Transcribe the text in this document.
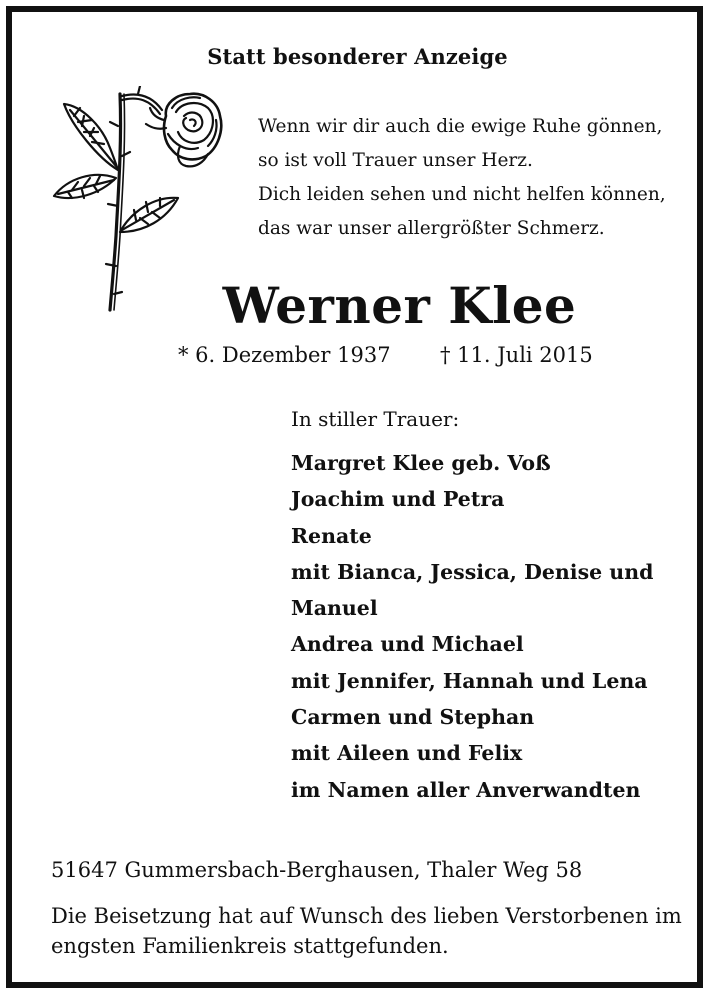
Statt besonderer Anzeige
Wenn wir dir auch die ewige Ruhe gönnen,
so ist voll Trauer unser Herz.
Dich leiden sehen und nicht helfen können,
das war unser allergrößter Schmerz.
Werner Klee
* 6. Dezember 1937 † 11. Juli 2015
In stiller Trauer:
Margret Klee geb. Voß
Joachim und Petra
Renate
mit Bianca, Jessica, Denise und
Manuel
Andrea und Michael
mit Jennifer, Hannah und Lena
Carmen und Stephan
mit Aileen und Felix
im Namen aller Anverwandten
51647 Gummersbach-Berghausen, Thaler Weg 58
Die Beisetzung hat auf Wunsch des lieben Verstorbenen im
engsten Familienkreis stattgefunden.
